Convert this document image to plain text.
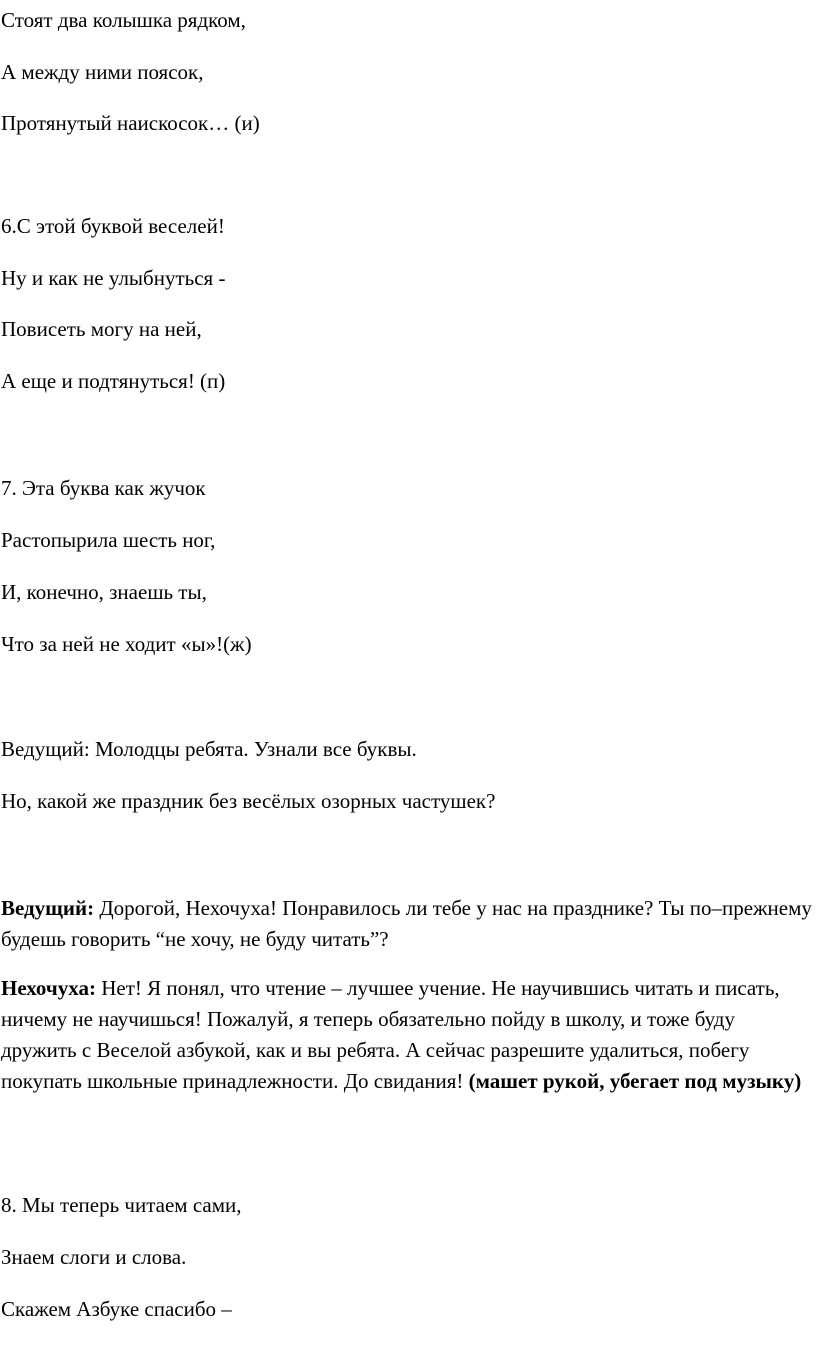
Стоят два колышка рядком,
А между ними поясок,
Протянутый наискосок… (и)
6.С этой буквой веселей!
Ну и как не улыбнуться -
Повисеть могу на ней,
А еще и подтянуться! (п)
7. Эта буква как жучок
Растопырила шесть ног,
И, конечно, знаешь ты,
Что за ней не ходит «ы»!(ж)
Ведущий: Молодцы ребята. Узнали все буквы.
Но, какой же праздник без весёлых озорных частушек?
Ведущий: Дорогой, Нехочуха! Понравилось ли тебе у нас на празднике? Ты по–прежнему будешь говорить “не хочу, не буду читать”?
Нехочуха: Нет! Я понял, что чтение – лучшее учение. Не научившись читать и писать, ничему не научишься! Пожалуй, я теперь обязательно пойду в школу, и тоже буду дружить с Веселой азбукой, как и вы ребята. А сейчас разрешите удалиться, побегу покупать школьные принадлежности. До свидания! (машет рукой, убегает под музыку)
8. Мы теперь читаем сами,
Знаем слоги и слова.
Скажем Азбуке спасибо –
